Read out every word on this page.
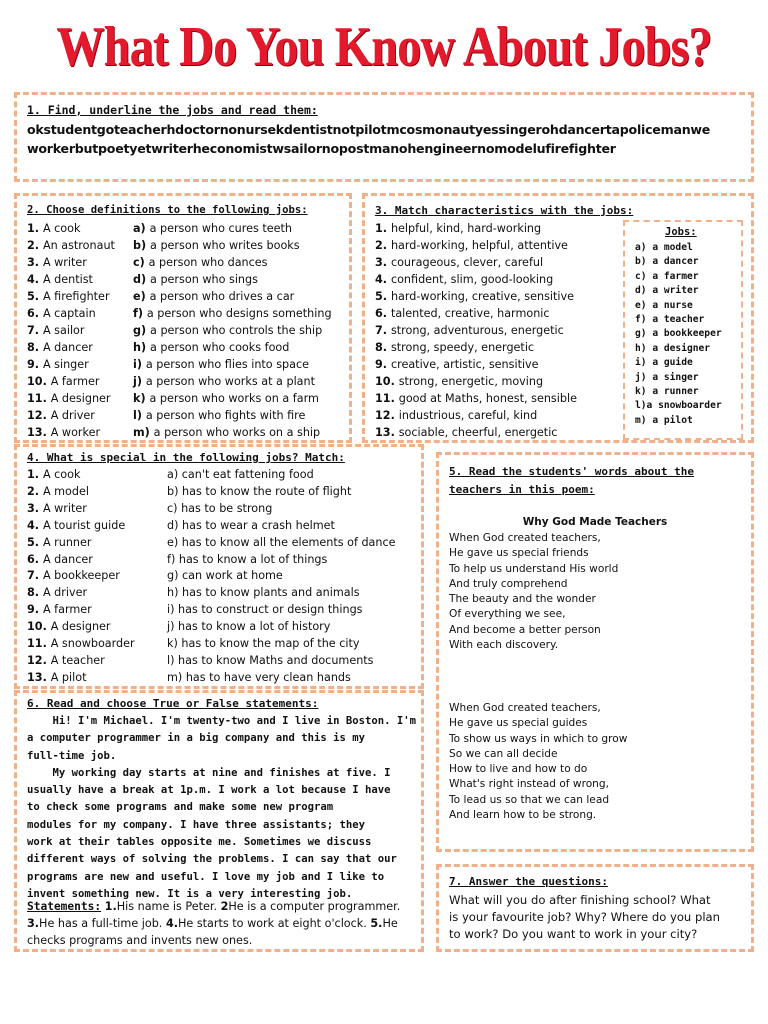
What Do You Know About Jobs?
1. Find, underline the jobs and read them:
okstudentgoteacherhdoctornonursekdentistnotpilotmcosmonautyessingerohdancertapolicemanwe
workerbutpoetyetwriterheconomistwsailornopostmanohengineernomodelufirefighter
2. Choose definitions to the following jobs:
1. A cook
2. An astronaut
3. A writer
4. A dentist
5. A firefighter
6. A captain
7. A sailor
8. A dancer
9. A singer
10. A farmer
11. A designer
12. A driver
13. A worker
a) a person who cures teeth
b) a person who writes books
c) a person who dances
d) a person who sings
e) a person who drives a car
f) a person who designs something
g) a person who controls the ship
h) a person who cooks food
i) a person who flies into space
j) a person who works at a plant
k) a person who works on a farm
l) a person who fights with fire
m) a person who works on a ship
3. Match characteristics with the jobs:
1. helpful, kind, hard-working
2. hard-working, helpful, attentive
3. courageous, clever, careful
4. confident, slim, good-looking
5. hard-working, creative, sensitive
6. talented, creative, harmonic
7. strong, adventurous, energetic
8. strong, speedy, energetic
9. creative, artistic, sensitive
10. strong, energetic, moving
11. good at Maths, honest, sensible
12. industrious, careful, kind
13. sociable, cheerful, energetic
Jobs:
a) a model
b) a dancer
c) a farmer
d) a writer
e) a nurse
f) a teacher
g) a bookkeeper
h) a designer
i) a guide
j) a singer
k) a runner
l)a snowboarder
m) a pilot
4. What is special in the following jobs? Match:
1. A cook
2. A model
3. A writer
4. A tourist guide
5. A runner
6. A dancer
7. A bookkeeper
8. A driver
9. A farmer
10. A designer
11. A snowboarder
12. A teacher
13. A pilot
a) can't eat fattening food
b) has to know the route of flight
c) has to be strong
d) has to wear a crash helmet
e) has to know all the elements of dance
f) has to know a lot of things
g) can work at home
h) has to know plants and animals
i) has to construct or design things
j) has to know a lot of history
k) has to know the map of the city
l) has to know Maths and documents
m) has to have very clean hands
5. Read the students' words about the
teachers in this poem:
Why God Made Teachers
When God created teachers,
He gave us special friends
To help us understand His world
And truly comprehend
The beauty and the wonder
Of everything we see,
And become a better person
With each discovery.
When God created teachers,
He gave us special guides
To show us ways in which to grow
So we can all decide
How to live and how to do
What's right instead of wrong,
To lead us so that we can lead
And learn how to be strong.
6. Read and choose True or False statements:
Hi! I'm Michael. I'm twenty-two and I live in Boston. I'm
a computer programmer in a big company and this is my
full-time job.
My working day starts at nine and finishes at five. I
usually have a break at 1p.m. I work a lot because I have
to check some programs and make some new program
modules for my company. I have three assistants; they
work at their tables opposite me. Sometimes we discuss
different ways of solving the problems. I can say that our
programs are new and useful. I love my job and I like to
invent something new. It is a very interesting job.
Statements: 1.His name is Peter. 2He is a computer programmer. 3.He has a full-time job. 4.He starts to work at eight o'clock. 5.He checks programs and invents new ones.
7. Answer the questions:
What will you do after finishing school? What
is your favourite job? Why? Where do you plan
to work? Do you want to work in your city?
